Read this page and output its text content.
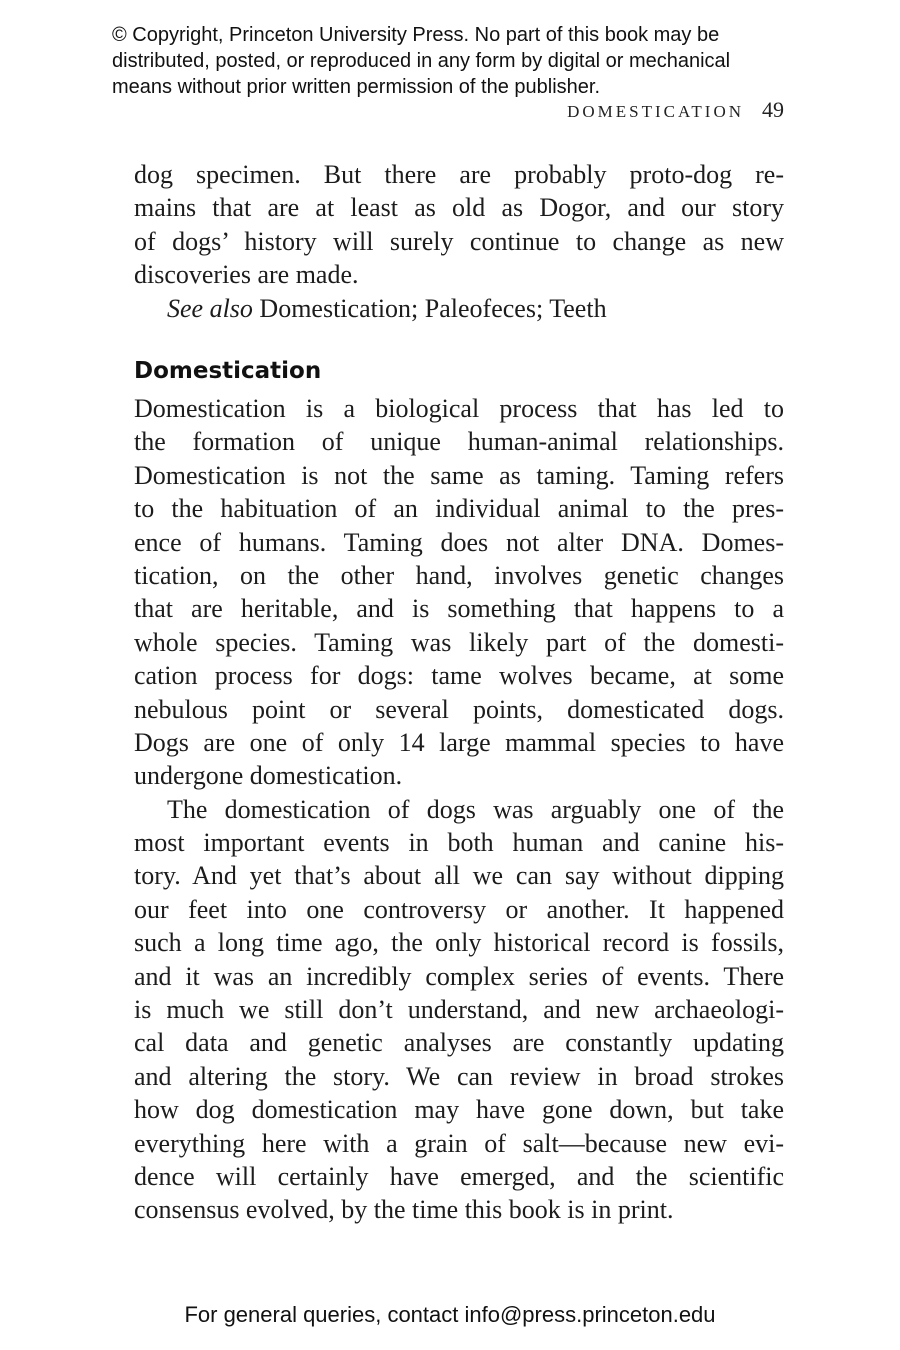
© Copyright, Princeton University Press. No part of this book may be
distributed, posted, or reproduced in any form by digital or mechanical
means without prior written permission of the publisher.
DOMESTICATION 49
dog specimen. But there are probably proto-dog re-
mains that are at least as old as Dogor, and our story
of dogs’ history will surely continue to change as new
discoveries are made.
See also Domestication; Paleofeces; Teeth
Domestication
Domestication is a biological process that has led to
the formation of unique human-animal relationships.
Domestication is not the same as taming. Taming refers
to the habituation of an individual animal to the pres-
ence of humans. Taming does not alter DNA. Domes-
tication, on the other hand, involves genetic changes
that are heritable, and is something that happens to a
whole species. Taming was likely part of the domesti-
cation process for dogs: tame wolves became, at some
nebulous point or several points, domesticated dogs.
Dogs are one of only 14 large mammal species to have
undergone domestication.
The domestication of dogs was arguably one of the
most important events in both human and canine his-
tory. And yet that’s about all we can say without dipping
our feet into one controversy or another. It happened
such a long time ago, the only historical record is fossils,
and it was an incredibly complex series of events. There
is much we still don’t understand, and new archaeologi-
cal data and genetic analyses are constantly updating
and altering the story. We can review in broad strokes
how dog domestication may have gone down, but take
everything here with a grain of salt—because new evi-
dence will certainly have emerged, and the scientific
consensus evolved, by the time this book is in print.
For general queries, contact info@press.princeton.edu
